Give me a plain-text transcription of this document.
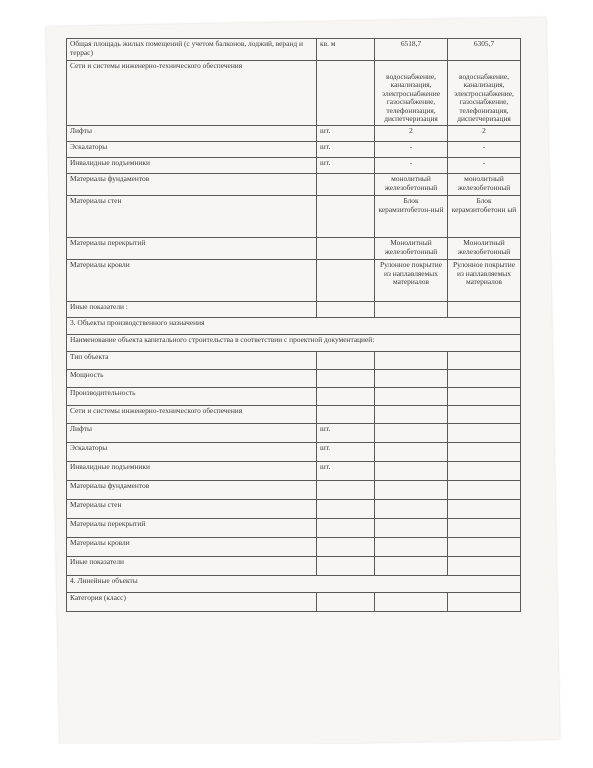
Общая площадь жилых помещений (с учетом балконов, лоджий, веранд и террас)	кв. м	6518,7	6305,7
Сети и системы инженерно-технического обеспечения		водоснабжение, канализация, электроснабжение газоснабжение, телефонизация, диспетчеризация	водоснабжение, канализация, электроснабжение, газоснабжение, телефонизация, диспетчеризация
Лифты	шт.	2	2
Эскалаторы	шт.	-	-
Инвалидные подъемники	шт.	-	-
Материалы фундаментов		монолитный железобетонный	монолитный железобетонный
Материалы стен		Блок керамзитобетон-ный	Блок керамзитобетонн ый
Материалы перекрытий		Монолитный железобетонный	Монолитный железобетонный
Материалы кровли		Рулонное покрытие из наплавляемых материалов	Рулонное покрытие из наплавляемых материалов
Иные показатели :			
3. Объекты производственного назначения			
Наименование объекта капитального строительства в соответствии с проектной документацией:			
Тип объекта			
Мощность			
Производительность			
Сети и системы инженерно-технического обеспечения			
Лифты	шт.		
Эскалаторы	шт.		
Инвалидные подъемники	шт.		
Материалы фундаментов			
Материалы стен			
Материалы перекрытий			
Материалы кровли			
Иные показатели			
4. Линейные объекты			
Категория (класс)			
